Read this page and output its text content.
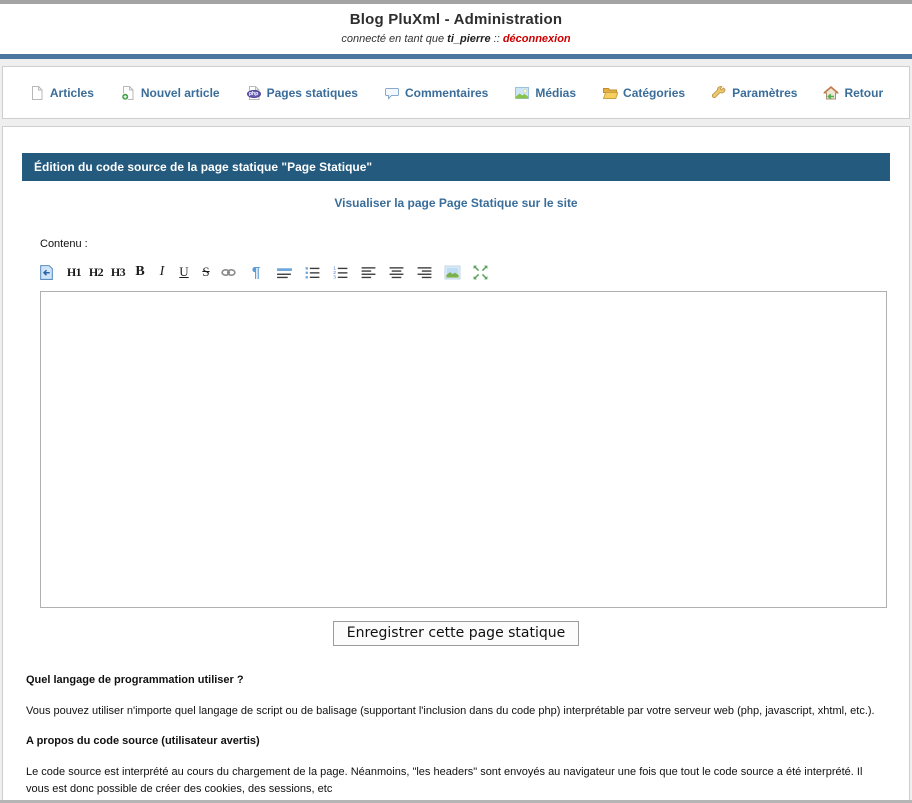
Blog PluXml - Administration
connecté en tant que ti_pierre :: déconnexion
Articles	Nouvel article	php Pages statiques	Commentaires	Médias	Catégories	Paramètres	Retour
Édition du code source de la page statique "Page Statique"
Visualiser la page Page Statique sur le site
Contenu :
H1 H2 H3 B	I	U	S	¶	1
2
3
Enregistrer cette page statique
Quel langage de programmation utiliser ?

Vous pouvez utiliser n'importe quel langage de script ou de balisage (supportant l'inclusion dans du code php) interprétable par votre serveur web (php, javascript, xhtml, etc.).

A propos du code source (utilisateur avertis)

Le code source est interprété au cours du chargement de la page. Néanmoins, "les headers" sont envoyés au navigateur une fois que tout le code source a été interprété. Il vous est donc possible de créer des cookies, des sessions, etc
